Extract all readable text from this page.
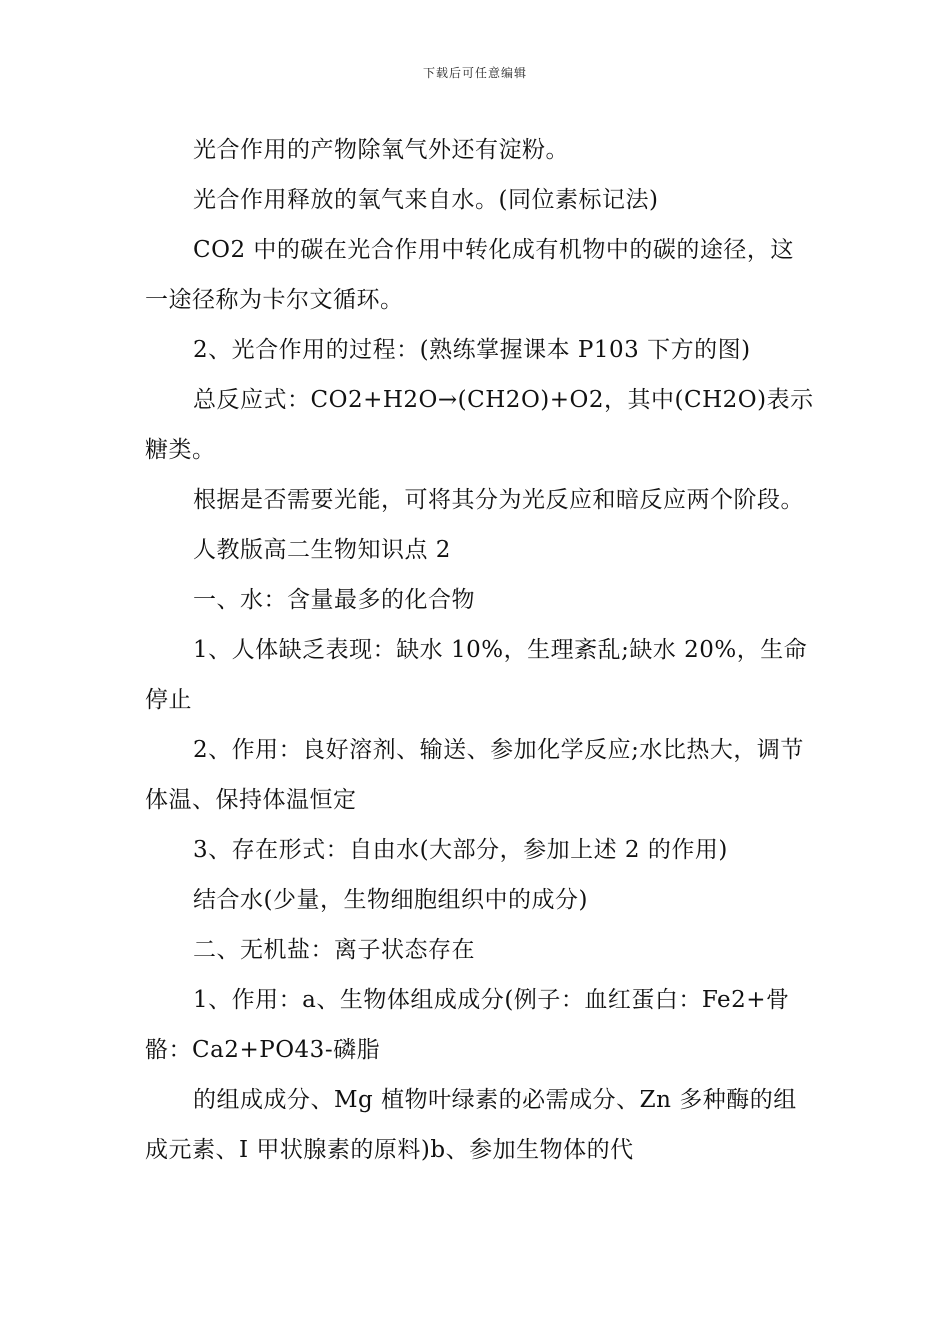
下载后可任意编辑

光合作用的产物除氧气外还有淀粉。

光合作用释放的氧气来自水。(同位素标记法)

CO2 中的碳在光合作用中转化成有机物中的碳的途径，这一途径称为卡尔文循环。

2、光合作用的过程：(熟练掌握课本 P103 下方的图)

总反应式：CO2+H2O→(CH2O)+O2，其中(CH2O)表示糖类。

根据是否需要光能，可将其分为光反应和暗反应两个阶段。

人教版高二生物知识点 2

一、水：含量最多的化合物

1、人体缺乏表现：缺水 10%，生理紊乱;缺水 20%，生命停止

2、作用：良好溶剂、输送、参加化学反应;水比热大，调节体温、保持体温恒定

3、存在形式：自由水(大部分，参加上述 2 的作用)

结合水(少量，生物细胞组织中的成分)

二、无机盐：离子状态存在

1、作用：a、生物体组成成分(例子：血红蛋白：Fe2+骨骼：Ca2+PO43-磷脂

的组成成分、Mg 植物叶绿素的必需成分、Zn 多种酶的组成元素、I 甲状腺素的原料)b、参加生物体的代
